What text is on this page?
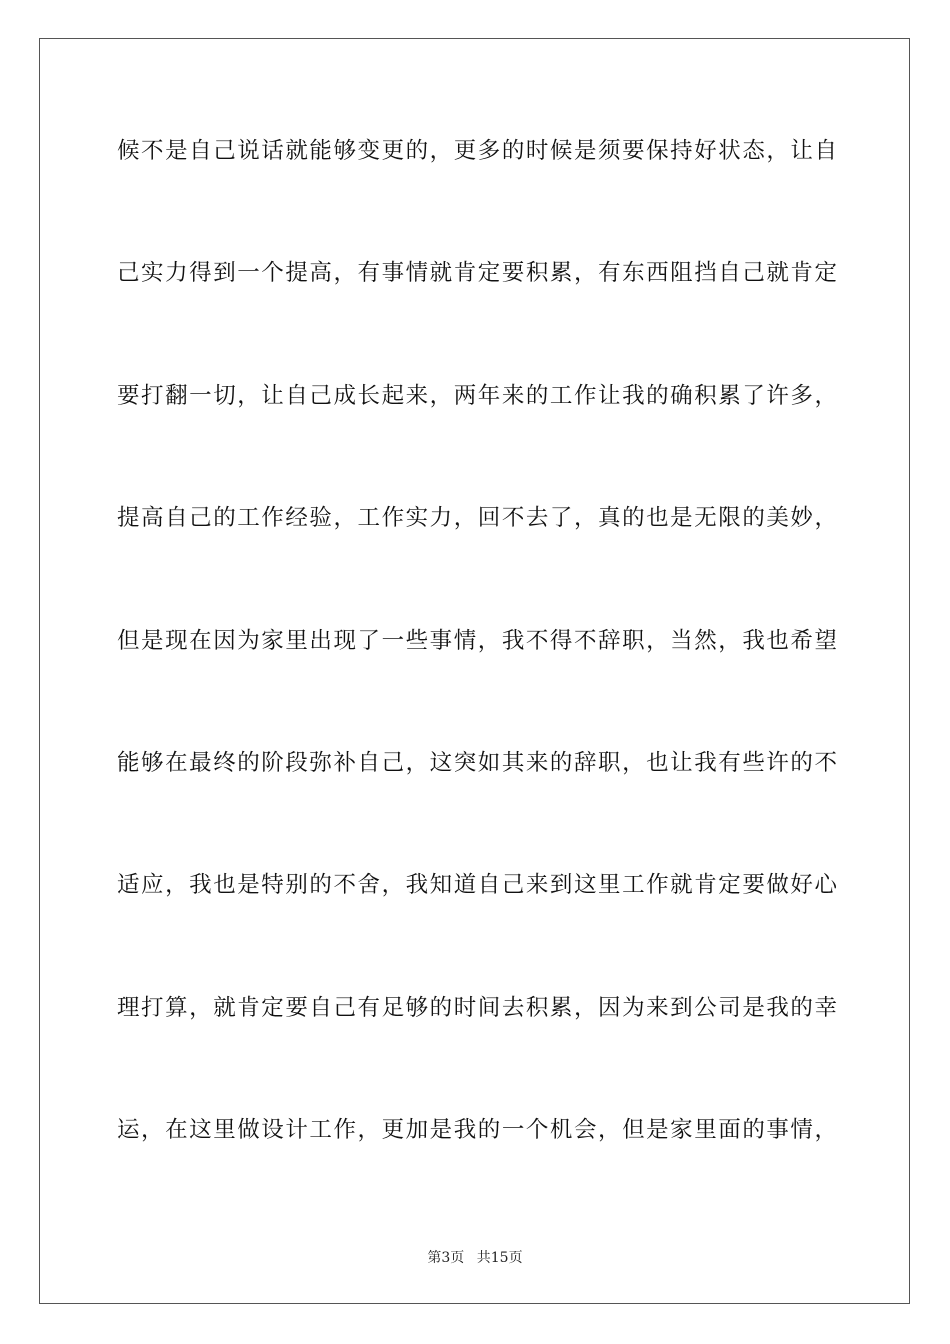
候不是自己说话就能够变更的，更多的时候是须要保持好状态，让自
己实力得到一个提高，有事情就肯定要积累，有东西阻挡自己就肯定
要打翻一切，让自己成长起来，两年来的工作让我的确积累了许多，
提高自己的工作经验，工作实力，回不去了，真的也是无限的美妙，
但是现在因为家里出现了一些事情，我不得不辞职，当然，我也希望
能够在最终的阶段弥补自己，这突如其来的辞职，也让我有些许的不
适应，我也是特别的不舍，我知道自己来到这里工作就肯定要做好心
理打算，就肯定要自己有足够的时间去积累，因为来到公司是我的幸
运，在这里做设计工作，更加是我的一个机会，但是家里面的事情，
第3页 共15页
